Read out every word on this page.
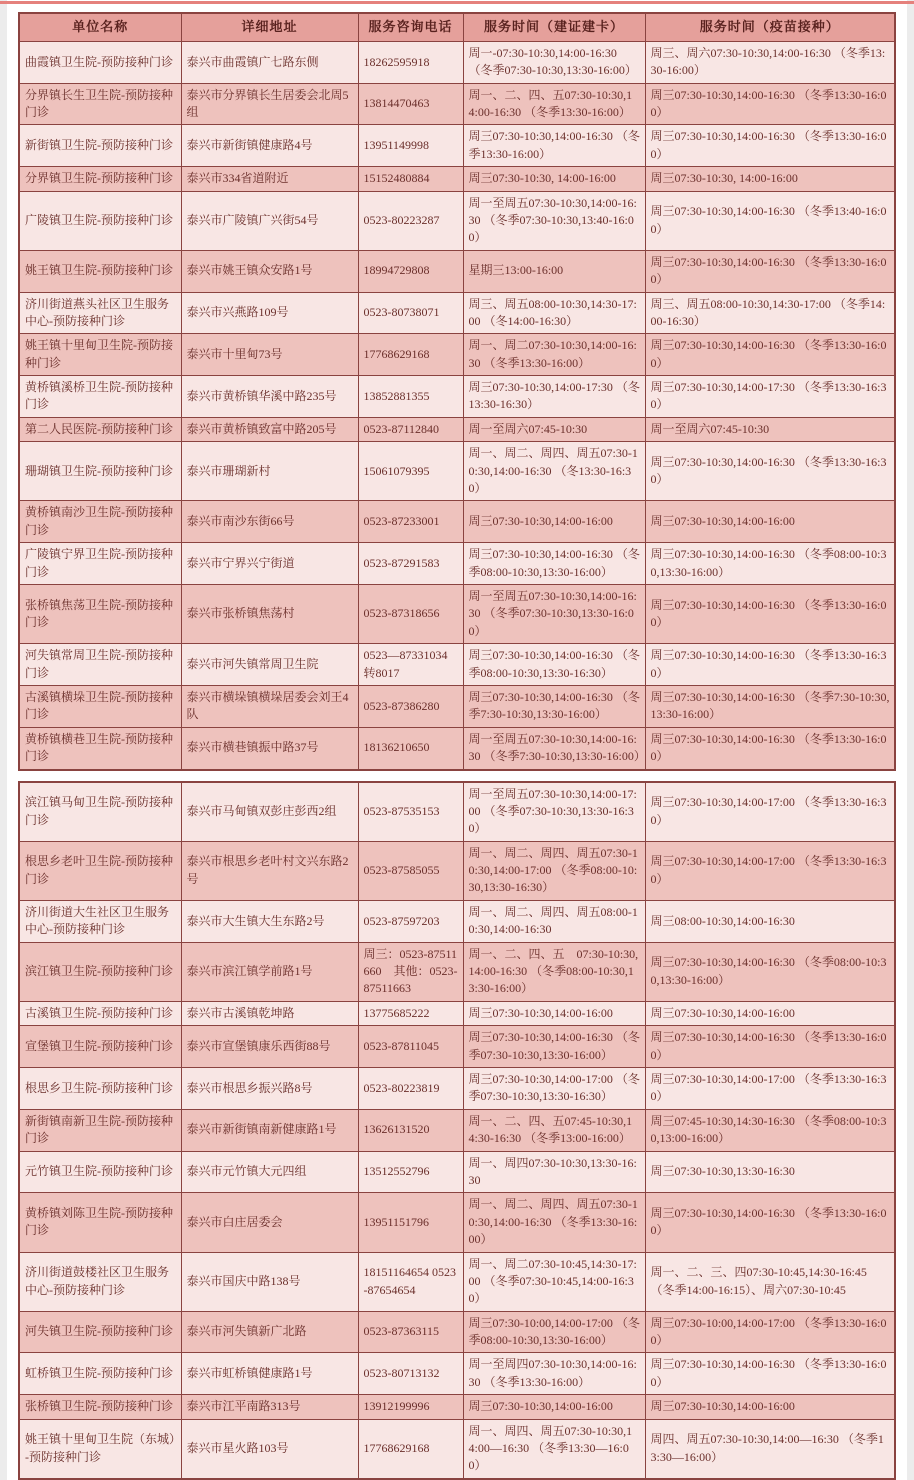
单位名称	详细地址	服务咨询电话	服务时间（建证建卡）	服务时间（疫苗接种）
曲霞镇卫生院-预防接种门诊	泰兴市曲霞镇广七路东侧	18262595918	周一-07:30-10:30,14:00-16:30 （冬季07:30-10:30,13:30-16:00）	周三、周六07:30-10:30,14:00-16:30 （冬季13:30-16:00）
分界镇长生卫生院-预防接种门诊	泰兴市分界镇长生居委会北周5组	13814470463	周一、二、四、五07:30-10:30,14:00-16:30 （冬季13:30-16:00）	周三07:30-10:30,14:00-16:30 （冬季13:30-16:00）
新街镇卫生院-预防接种门诊	泰兴市新街镇健康路4号	13951149998	周三07:30-10:30,14:00-16:30 （冬季13:30-16:00）	周三07:30-10:30,14:00-16:30 （冬季13:30-16:00）
分界镇卫生院-预防接种门诊	泰兴市334省道附近	15152480884	周三07:30-10:30, 14:00-16:00	周三07:30-10:30, 14:00-16:00
广陵镇卫生院-预防接种门诊	泰兴市广陵镇广兴街54号	0523-80223287	周一至周五07:30-10:30,14:00-16:30 （冬季07:30-10:30,13:40-16:00）	周三07:30-10:30,14:00-16:30 （冬季13:40-16:00）
姚王镇卫生院-预防接种门诊	泰兴市姚王镇众安路1号	18994729808	星期三13:00-16:00	周三07:30-10:30,14:00-16:30 （冬季13:30-16:00）
济川街道燕头社区卫生服务中心-预防接种门诊	泰兴市兴燕路109号	0523-80738071	周三、周五08:00-10:30,14:30-17:00 （冬14:00-16:30）	周三、周五08:00-10:30,14:30-17:00 （冬季14:00-16:30）
姚王镇十里甸卫生院-预防接种门诊	泰兴市十里甸73号	17768629168	周一、周二07:30-10:30,14:00-16:30 （冬季13:30-16:00）	周三07:30-10:30,14:00-16:30 （冬季13:30-16:00）
黄桥镇溪桥卫生院-预防接种门诊	泰兴市黄桥镇华溪中路235号	13852881355	周三07:30-10:30,14:00-17:30 （冬13:30-16:30）	周三07:30-10:30,14:00-17:30 （冬季13:30-16:30）
第二人民医院-预防接种门诊	泰兴市黄桥镇致富中路205号	0523-87112840	周一至周六07:45-10:30	周一至周六07:45-10:30
珊瑚镇卫生院-预防接种门诊	泰兴市珊瑚新村	15061079395	周一、周二、周四、周五07:30-10:30,14:00-16:30 （冬13:30-16:30）	周三07:30-10:30,14:00-16:30 （冬季13:30-16:30）
黄桥镇南沙卫生院-预防接种门诊	泰兴市南沙东街66号	0523-87233001	周三07:30-10:30,14:00-16:00	周三07:30-10:30,14:00-16:00
广陵镇宁界卫生院-预防接种门诊	泰兴市宁界兴宁街道	0523-87291583	周三07:30-10:30,14:00-16:30 （冬季08:00-10:30,13:30-16:00）	周三07:30-10:30,14:00-16:30 （冬季08:00-10:30,13:30-16:00）
张桥镇焦荡卫生院-预防接种门诊	泰兴市张桥镇焦荡村	0523-87318656	周一至周五07:30-10:30,14:00-16:30 （冬季07:30-10:30,13:30-16:00）	周三07:30-10:30,14:00-16:30 （冬季13:30-16:00）
河失镇常周卫生院-预防接种门诊	泰兴市河失镇常周卫生院	0523—87331034转8017	周三07:30-10:30,14:00-16:30 （冬季08:00-10:30,13:30-16:30）	周三07:30-10:30,14:00-16:30 （冬季13:30-16:30）
古溪镇横垛卫生院-预防接种门诊	泰兴市横垛镇横垛居委会刘王4队	0523-87386280	周三07:30-10:30,14:00-16:30 （冬季7:30-10:30,13:30-16:00）	周三07:30-10:30,14:00-16:30 （冬季7:30-10:30,13:30-16:00）
黄桥镇横巷卫生院-预防接种门诊	泰兴市横巷镇振中路37号	18136210650	周一至周五07:30-10:30,14:00-16:30 （冬季7:30-10:30,13:30-16:00）	周三07:30-10:30,14:00-16:30 （冬季13:30-16:00）
滨江镇马甸卫生院-预防接种门诊	泰兴市马甸镇双彭庄彭西2组	0523-87535153	周一至周五07:30-10:30,14:00-17:00 （冬季07:30-10:30,13:30-16:30）	周三07:30-10:30,14:00-17:00 （冬季13:30-16:30）
根思乡老叶卫生院-预防接种门诊	泰兴市根思乡老叶村文兴东路2号	0523-87585055	周一、周二、周四、周五07:30-10:30,14:00-17:00 （冬季08:00-10:30,13:30-16:30）	周三07:30-10:30,14:00-17:00 （冬季13:30-16:30）
济川街道大生社区卫生服务中心-预防接种门诊	泰兴市大生镇大生东路2号	0523-87597203	周一、周二、周四、周五08:00-10:30,14:00-16:30	周三08:00-10:30,14:00-16:30
滨江镇卫生院-预防接种门诊	泰兴市滨江镇学前路1号	周三：0523-87511660　其他：0523-87511663	周一、二、四、五　07:30-10:30,14:00-16:30 （冬季08:00-10:30,13:30-16:00）	周三07:30-10:30,14:00-16:30 （冬季08:00-10:30,13:30-16:00）
古溪镇卫生院-预防接种门诊	泰兴市古溪镇乾坤路	13775685222	周三07:30-10:30,14:00-16:00	周三07:30-10:30,14:00-16:00
宣堡镇卫生院-预防接种门诊	泰兴市宣堡镇康乐西街88号	0523-87811045	周三07:30-10:30,14:00-16:30 （冬季07:30-10:30,13:30-16:00）	周三07:30-10:30,14:00-16:30 （冬季13:30-16:00）
根思乡卫生院-预防接种门诊	泰兴市根思乡振兴路8号	0523-80223819	周三07:30-10:30,14:00-17:00 （冬季07:30-10:30,13:30-16:30）	周三07:30-10:30,14:00-17:00 （冬季13:30-16:30）
新街镇南新卫生院-预防接种门诊	泰兴市新街镇南新健康路1号	13626131520	周一、二、四、五07:45-10:30,14:30-16:30 （冬季13:00-16:00）	周三07:45-10:30,14:30-16:30 （冬季08:00-10:30,13:00-16:00）
元竹镇卫生院-预防接种门诊	泰兴市元竹镇大元四组	13512552796	周一、周四07:30-10:30,13:30-16:30	周三07:30-10:30,13:30-16:30
黄桥镇刘陈卫生院-预防接种门诊	泰兴市白庄居委会	13951151796	周一、周二、周四、周五07:30-10:30,14:00-16:30 （冬季13:30-16:00）	周三07:30-10:30,14:00-16:30 （冬季13:30-16:00）
济川街道鼓楼社区卫生服务中心-预防接种门诊	泰兴市国庆中路138号	18151164654 0523-87654654	周一、周二07:30-10:45,14:30-17:00 （冬季07:30-10:45,14:00-16:30）	周一、二、三、四07:30-10:45,14:30-16:45 （冬季14:00-16:15）、周六07:30-10:45
河失镇卫生院-预防接种门诊	泰兴市河失镇新广北路	0523-87363115	周三07:30-10:00,14:00-17:00 （冬季08:00-10:30,13:30-16:00）	周三07:30-10:00,14:00-17:00 （冬季13:30-16:00）
虹桥镇卫生院-预防接种门诊	泰兴市虹桥镇健康路1号	0523-80713132	周一至周四07:30-10:30,14:00-16:30 （冬季13:30-16:00）	周三07:30-10:30,14:00-16:30 （冬季13:30-16:00）
张桥镇卫生院-预防接种门诊	泰兴市江平南路313号	13912199996	周三07:30-10:30,14:00-16:00	周三07:30-10:30,14:00-16:00
姚王镇十里甸卫生院（东城）-预防接种门诊	泰兴市星火路103号	17768629168	周一、周四、周五07:30-10:30,14:00—16:30 （冬季13:30—16:00）	周四、周五07:30-10:30,14:00—16:30 （冬季13:30—16:00）
